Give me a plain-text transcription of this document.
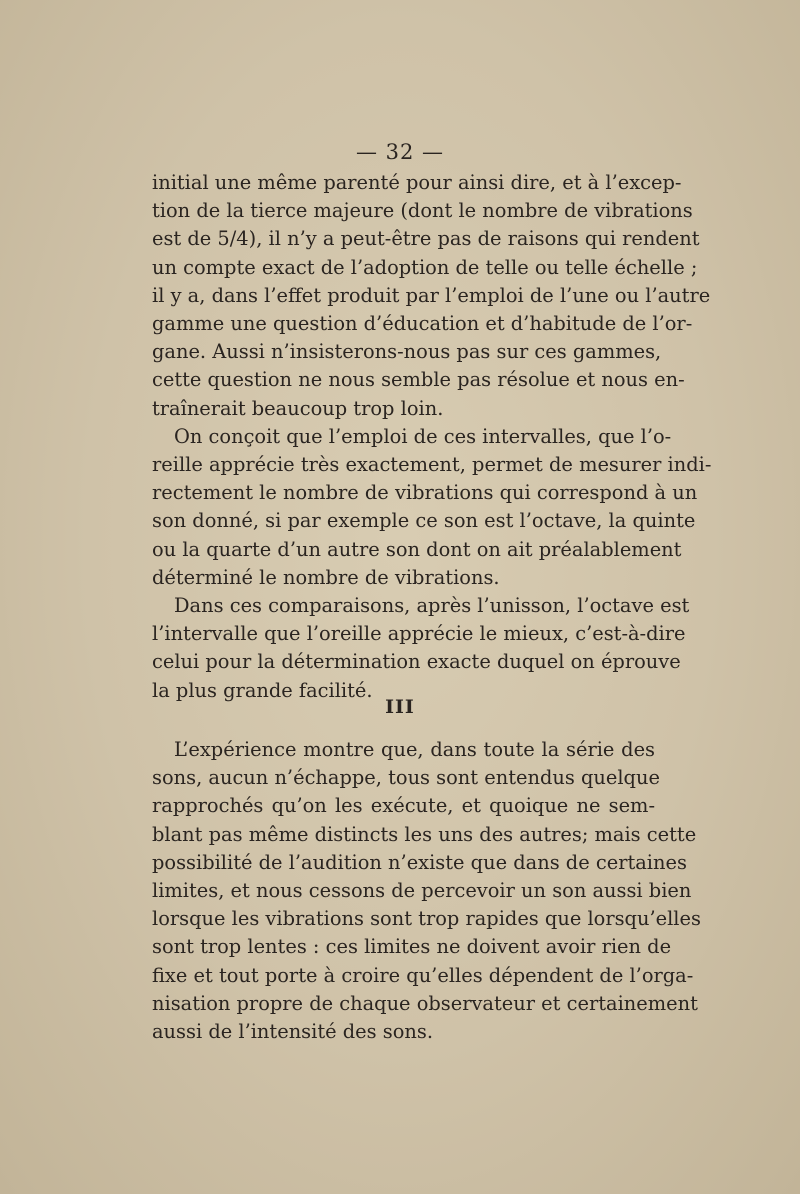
— 32 —
initial une même parenté pour ainsi dire, et à l’excep-
tion de la tierce majeure (dont le nombre de vibrations
est de 5/4), il n’y a peut-être pas de raisons qui rendent
un compte exact de l’adoption de telle ou telle échelle ;
il y a, dans l’effet produit par l’emploi de l’une ou l’autre
gamme une question d’éducation et d’habitude de l’or-
gane. Aussi n’insisterons-nous pas sur ces gammes,
cette question ne nous semble pas résolue et nous en-
traînerait beaucoup trop loin.
On conçoit que l’emploi de ces intervalles, que l’o-
reille apprécie très exactement, permet de mesurer indi-
rectement le nombre de vibrations qui correspond à un
son donné, si par exemple ce son est l’octave, la quinte
ou la quarte d’un autre son dont on ait préalablement
déterminé le nombre de vibrations.
Dans ces comparaisons, après l’unisson, l’octave est
l’intervalle que l’oreille apprécie le mieux, c’est-à-dire
celui pour la détermination exacte duquel on éprouve
la plus grande facilité.
III
L’expérience montre que, dans toute la série des
sons, aucun n’échappe, tous sont entendus quelque
rapprochés qu’on les exécute, et quoique ne sem-
blant pas même distincts les uns des autres; mais cette
possibilité de l’audition n’existe que dans de certaines
limites, et nous cessons de percevoir un son aussi bien
lorsque les vibrations sont trop rapides que lorsqu’elles
sont trop lentes : ces limites ne doivent avoir rien de
fixe et tout porte à croire qu’elles dépendent de l’orga-
nisation propre de chaque observateur et certainement
aussi de l’intensité des sons.
